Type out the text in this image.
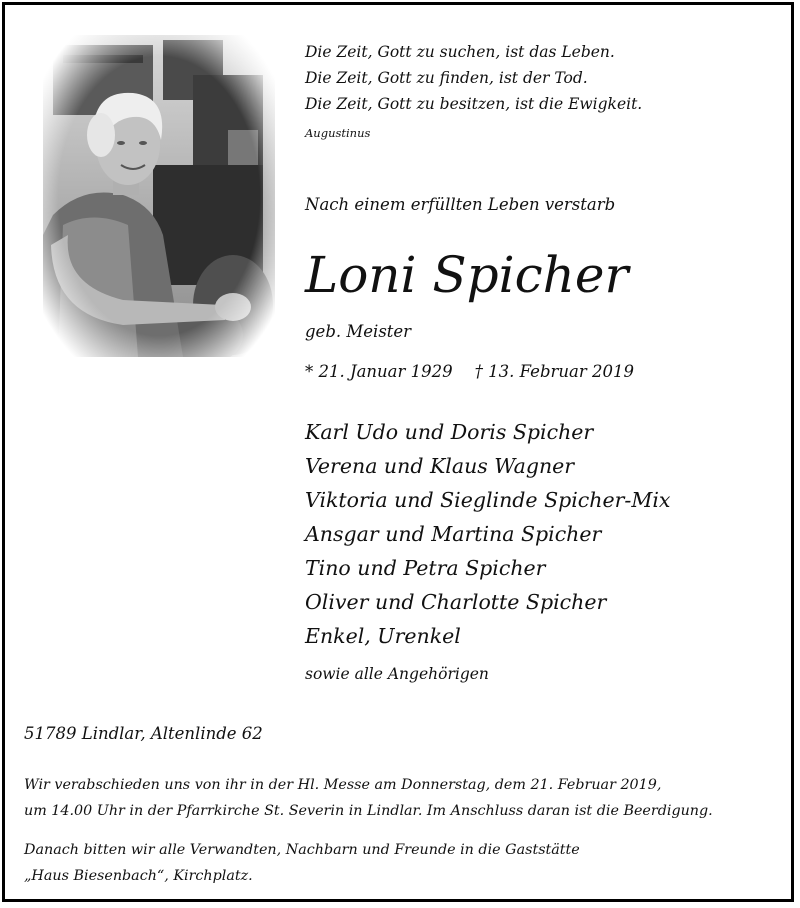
Die Zeit, Gott zu suchen, ist das Leben.
Die Zeit, Gott zu finden, ist der Tod.
Die Zeit, Gott zu besitzen, ist die Ewigkeit.
Augustinus
Nach einem erfüllten Leben verstarb
Loni Spicher
geb. Meister
* 21. Januar 1929 † 13. Februar 2019
Karl Udo und Doris Spicher
Verena und Klaus Wagner
Viktoria und Sieglinde Spicher-Mix
Ansgar und Martina Spicher
Tino und Petra Spicher
Oliver und Charlotte Spicher
Enkel, Urenkel
sowie alle Angehörigen
51789 Lindlar, Altenlinde 62
Wir verabschieden uns von ihr in der Hl. Messe am Donnerstag, dem 21. Februar 2019,
um 14.00 Uhr in der Pfarrkirche St. Severin in Lindlar. Im Anschluss daran ist die Beerdigung.
Danach bitten wir alle Verwandten, Nachbarn und Freunde in die Gaststätte
„Haus Biesenbach“, Kirchplatz.
